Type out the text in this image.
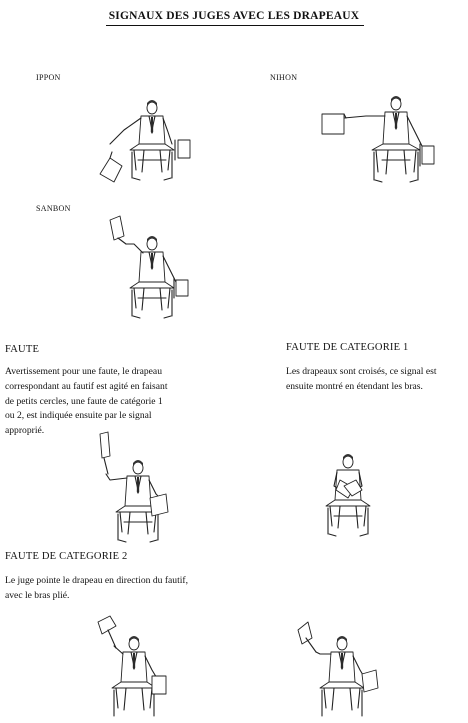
SIGNAUX DES JUGES AVEC LES DRAPEAUX
IPPON	NIHON
SANBON
FAUTE
Avertissement pour une faute, le drapeau
correspondant au fautif est agité en faisant
de petits cercles, une faute de catégorie 1
ou 2, est indiquée ensuite par le signal
approprié.
FAUTE DE CATEGORIE 1
Les drapeaux sont croisés, ce signal est
ensuite montré en étendant les bras.
FAUTE DE CATEGORIE 2
Le juge pointe le drapeau en direction du fautif,
avec le bras plié.
